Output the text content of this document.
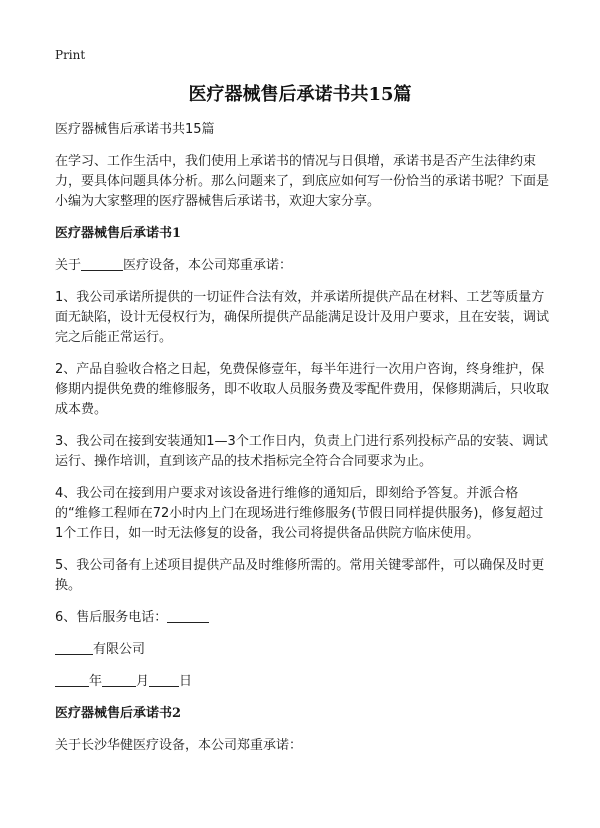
Print
医疗器械售后承诺书共15篇

医疗器械售后承诺书共15篇

在学习、工作生活中，我们使用上承诺书的情况与日俱增，承诺书是否产生法律约束力，要具体问题具体分析。那么问题来了，到底应如何写一份恰当的承诺书呢？下面是小编为大家整理的医疗器械售后承诺书，欢迎大家分享。

医疗器械售后承诺书1

关于	医疗设备，本公司郑重承诺：

1、我公司承诺所提供的一切证件合法有效，并承诺所提供产品在材料、工艺等质量方面无缺陷，设计无侵权行为，确保所提供产品能满足设计及用户要求，且在安装，调试完之后能正常运行。

2、产品自验收合格之日起，免费保修壹年，每半年进行一次用户咨询，终身维护，保修期内提供免费的维修服务，即不收取人员服务费及零配件费用，保修期满后，只收取成本费。

3、我公司在接到安装通知1—3个工作日内，负责上门进行系列投标产品的安装、调试运行、操作培训，直到该产品的技术指标完全符合合同要求为止。

4、我公司在接到用户要求对该设备进行维修的通知后，即刻给予答复。并派合格的“维修工程师在72小时内上门在现场进行维修服务(节假日同样提供服务)，修复超过1个工作日，如一时无法修复的设备，我公司将提供备品供院方临床使用。

5、我公司备有上述项目提供产品及时维修所需的。常用关键零部件，可以确保及时更换。

6、售后服务电话：

有限公司

年	月 日

医疗器械售后承诺书2

关于长沙华健医疗设备，本公司郑重承诺：
